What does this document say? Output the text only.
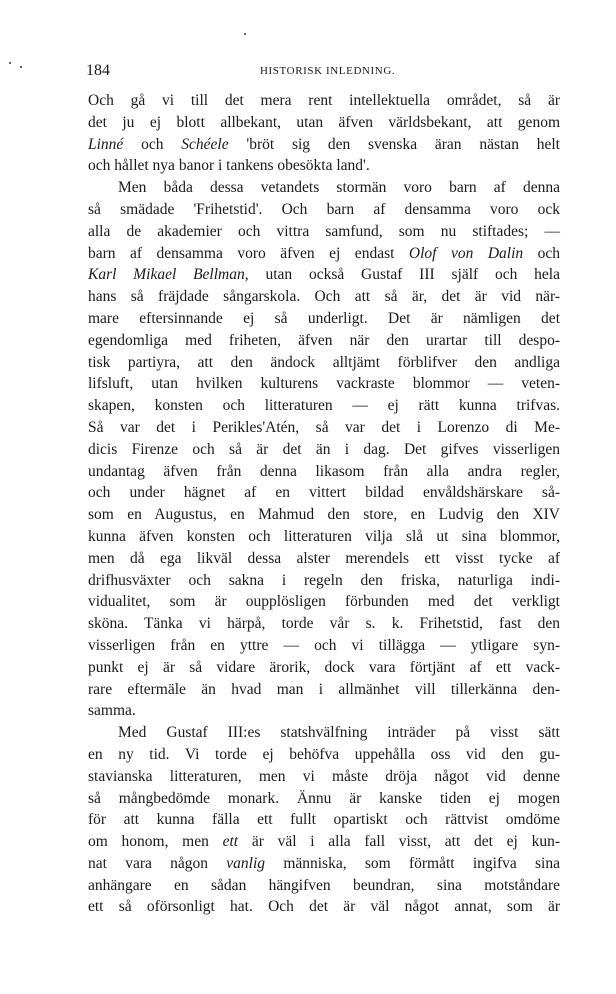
184	HISTORISK INLEDNING.
Och gå vi till det mera rent intellektuella området, så är
det ju ej blott allbekant, utan äfven världsbekant, att genom
Linné och Schéele 'bröt sig den svenska äran nästan helt
och hållet nya banor i tankens obesökta land'.
Men båda dessa vetandets stormän voro barn af denna
så smädade 'Frihetstid'. Och barn af densamma voro ock
alla de akademier och vittra samfund, som nu stiftades; —
barn af densamma voro äfven ej endast Olof von Dalin och
Karl Mikael Bellman, utan också Gustaf III själf och hela
hans så fräjdade sångarskola. Och att så är, det är vid när-
mare eftersinnande ej så underligt. Det är nämligen det
egendomliga med friheten, äfven när den urartar till despo-
tisk partiyra, att den ändock alltjämt förblifver den andliga
lifsluft, utan hvilken kulturens vackraste blommor — veten-
skapen, konsten och litteraturen — ej rätt kunna trifvas.
Så var det i Perikles'Atén, så var det i Lorenzo di Me-
dicis Firenze och så är det än i dag. Det gifves visserligen
undantag äfven från denna likasom från alla andra regler,
och under hägnet af en vittert bildad envåldshärskare så-
som en Augustus, en Mahmud den store, en Ludvig den XIV
kunna äfven konsten och litteraturen vilja slå ut sina blommor,
men då ega likväl dessa alster merendels ett visst tycke af
drifhusväxter och sakna i regeln den friska, naturliga indi-
vidualitet, som är oupplösligen förbunden med det verkligt
sköna. Tänka vi härpå, torde vår s. k. Frihetstid, fast den
visserligen från en yttre — och vi tillägga — ytligare syn-
punkt ej är så vidare ärorik, dock vara förtjänt af ett vack-
rare eftermäle än hvad man i allmänhet vill tillerkänna den-
samma.
Med Gustaf III:es statshvälfning inträder på visst sätt
en ny tid. Vi torde ej behöfva uppehålla oss vid den gu-
stavianska litteraturen, men vi måste dröja något vid denne
så mångbedömde monark. Ännu är kanske tiden ej mogen
för att kunna fälla ett fullt opartiskt och rättvist omdöme
om honom, men ett är väl i alla fall visst, att det ej kun-
nat vara någon vanlig människa, som förmått ingifva sina
anhängare en sådan hängifven beundran, sina motståndare
ett så oförsonligt hat. Och det är väl något annat, som är
